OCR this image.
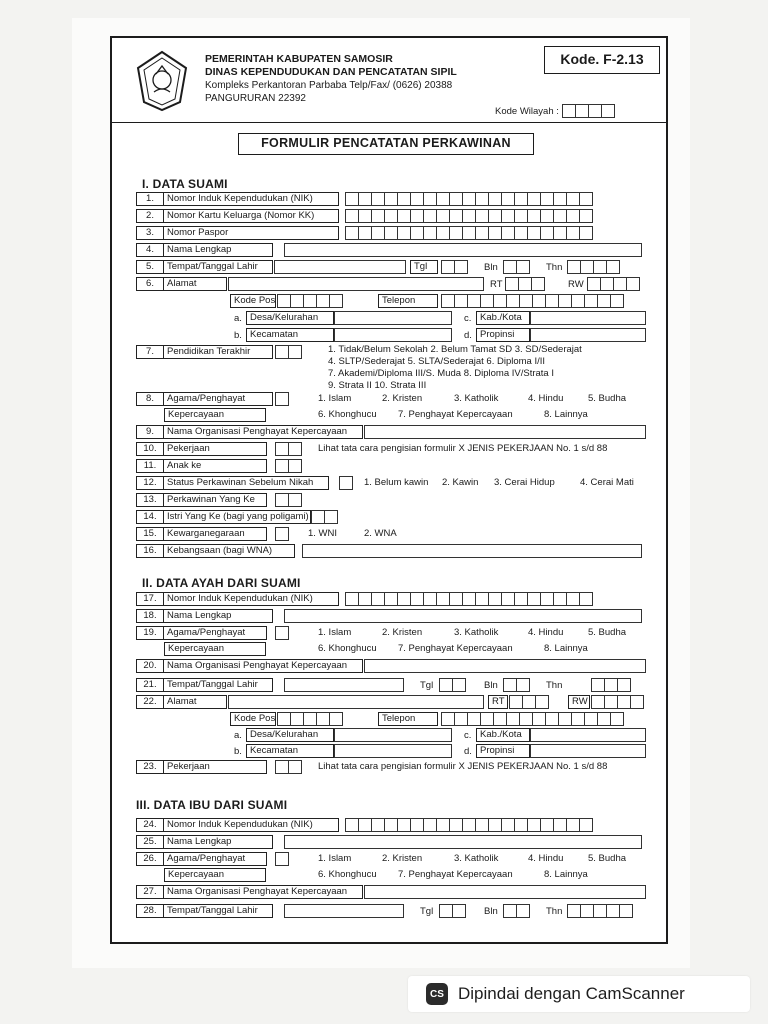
PEMERINTAH KABUPATEN SAMOSIR
DINAS KEPENDUDUKAN DAN PENCATATAN SIPIL
Kompleks Perkantoran Parbaba Telp/Fax/ (0626) 20388
PANGURURAN 22392
Kode. F-2.13
Kode Wilayah :
FORMULIR PENCATATAN PERKAWINAN
I. DATA SUAMI
1.	Nomor Induk Kependudukan (NIK)
2.	Nomor Kartu Keluarga (Nomor KK)
3.	Nomor Paspor
4.	Nama Lengkap
5.	Tempat/Tanggal Lahir	Tgl	Bln	Thn
6.	Alamat	RT	RW
Kode Pos	Telepon
a. Desa/Kelurahan	c. Kab./Kota
b. Kecamatan	d. Propinsi
7.	Pendidikan Terakhir	1. Tidak/Belum Sekolah 2. Belum Tamat SD 3. SD/Sederajat
4. SLTP/Sederajat 5. SLTA/Sederajat 6. Diploma I/II
7. Akademi/Diploma III/S. Muda 8. Diploma IV/Strata I
9. Strata II 10. Strata III
8.	Agama/Penghayat	1. Islam	2. Kristen	3. Katholik	4. Hindu	5. Budha
Kepercayaan	6. Khonghucu 7. Penghayat Kepercayaan	8. Lainnya
9.	Nama Organisasi Penghayat Kepercayaan
10.	Pekerjaan	Lihat tata cara pengisian formulir X JENIS PEKERJAAN No. 1 s/d 88
11.	Anak ke
12.	Status Perkawinan Sebelum Nikah	1. Belum kawin 2. Kawin 3. Cerai Hidup	4. Cerai Mati
13.	Perkawinan Yang Ke
14.	Istri Yang Ke (bagi yang poligami)
15.	Kewarganegaraan	1. WNI	2. WNA
16.	Kebangsaan (bagi WNA)
II. DATA AYAH DARI SUAMI
17.	Nomor Induk Kependudukan (NIK)
18.	Nama Lengkap
19.	Agama/Penghayat	1. Islam	2. Kristen	3. Katholik	4. Hindu	5. Budha
Kepercayaan	6. Khonghucu 7. Penghayat Kepercayaan	8. Lainnya
20.	Nama Organisasi Penghayat Kepercayaan
21.	Tempat/Tanggal Lahir	Tgl	Bln	Thn
22.	Alamat	RT	RW
Kode Pos	Telepon
a. Desa/Kelurahan	c. Kab./Kota
b. Kecamatan	d. Propinsi
23.	Pekerjaan	Lihat tata cara pengisian formulir X JENIS PEKERJAAN No. 1 s/d 88
III. DATA IBU DARI SUAMI
24.	Nomor Induk Kependudukan (NIK)
25.	Nama Lengkap
26.	Agama/Penghayat	1. Islam	2. Kristen	3. Katholik	4. Hindu	5. Budha
Kepercayaan	6. Khonghucu 7. Penghayat Kepercayaan	8. Lainnya
27.	Nama Organisasi Penghayat Kepercayaan
28.	Tempat/Tanggal Lahir	Tgl	Bln	Thn
CS Dipindai dengan CamScanner
